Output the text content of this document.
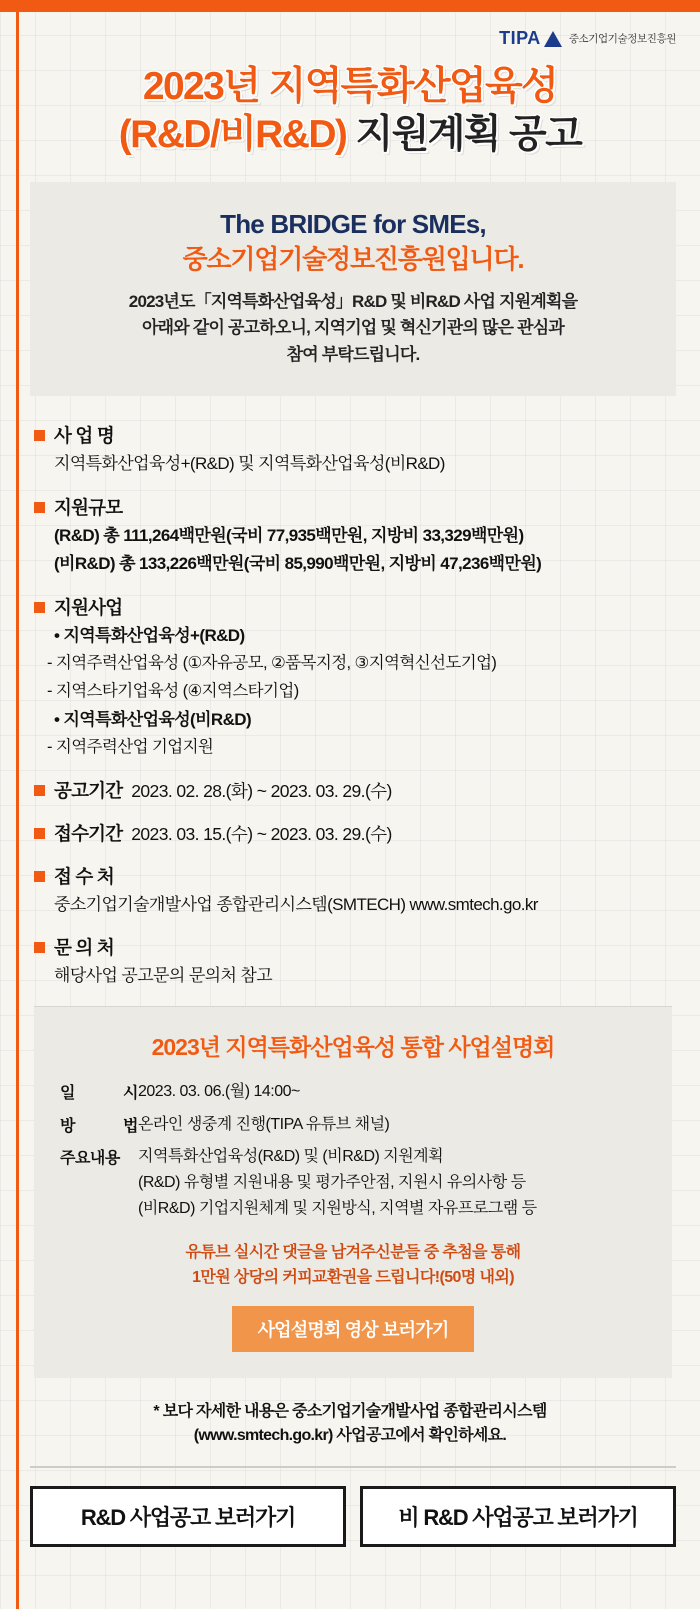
TIPA	중소기업기술정보진흥원
2023년 지역특화산업육성
(R&D/비R&D) 지원계획 공고
The BRIDGE for SMEs,
중소기업기술정보진흥원입니다.
2023년도「지역특화산업육성」R&D 및 비R&D 사업 지원계획을
아래와 같이 공고하오니, 지역기업 및 혁신기관의 많은 관심과
참여 부탁드립니다.
사 업 명
지역특화산업육성+(R&D) 및 지역특화산업육성(비R&D)
지원규모
(R&D) 총 111,264백만원(국비 77,935백만원, 지방비 33,329백만원)
(비R&D) 총 133,226백만원(국비 85,990백만원, 지방비 47,236백만원)
지원사업
• 지역특화산업육성+(R&D)
- 지역주력산업육성 (①자유공모, ②품목지정, ③지역혁신선도기업)
- 지역스타기업육성 (④지역스타기업)
• 지역특화산업육성(비R&D)
- 지역주력산업 기업지원
공고기간 2023. 02. 28.(화) ~ 2023. 03. 29.(수)
접수기간 2023. 03. 15.(수) ~ 2023. 03. 29.(수)
접 수 처
중소기업기술개발사업 종합관리시스템(SMTECH) www.smtech.go.kr
문 의 처
해당사업 공고문의 문의처 참고
2023년 지역특화산업육성 통합 사업설명회
일	시 2023. 03. 06.(월) 14:00~
방	법 온라인 생중계 진행(TIPA 유튜브 채널)
주요내용 지역특화산업육성(R&D) 및 (비R&D) 지원계획
(R&D) 유형별 지원내용 및 평가주안점, 지원시 유의사항 등
(비R&D) 기업지원체계 및 지원방식, 지역별 자유프로그램 등
유튜브 실시간 댓글을 남겨주신분들 중 추첨을 통해
1만원 상당의 커피교환권을 드립니다!(50명 내외)
사업설명회 영상 보러가기
* 보다 자세한 내용은 중소기업기술개발사업 종합관리시스템
(www.smtech.go.kr) 사업공고에서 확인하세요.
R&D 사업공고 보러가기	비 R&D 사업공고 보러가기
